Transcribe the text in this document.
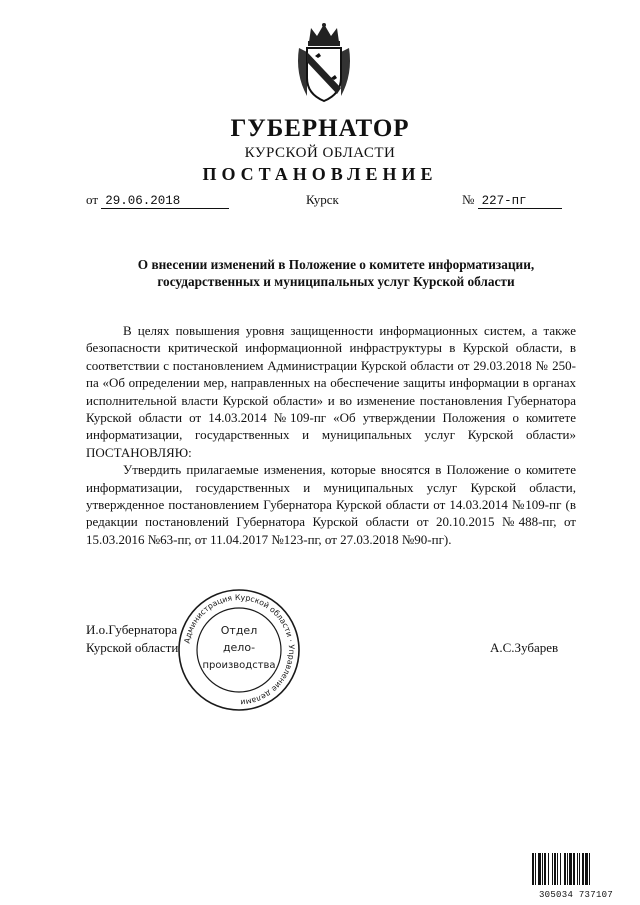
ГУБЕРНАТОР
КУРСКОЙ ОБЛАСТИ
ПОСТАНОВЛЕНИЕ
от 29.06.2018	Курск	№ 227-пг
О внесении изменений в Положение о комитете информатизации,
государственных и муниципальных услуг Курской области

В целях повышения уровня защищенности информационных систем, а также безопасности критической информационной инфраструктуры в Курской области, в соответствии с постановлением Администрации Курской области от 29.03.2018 № 250-па «Об определении мер, направленных на обеспечение защиты информации в органах исполнительной власти Курской области» и во изменение постановления Губернатора Курской области от 14.03.2014 №109-пг «Об утверждении Положения о комитете информатизации, государственных и муниципальных услуг Курской области» ПОСТАНОВЛЯЮ:

Утвердить прилагаемые изменения, которые вносятся в Положение о комитете информатизации, государственных и муниципальных услуг Курской области, утвержденное постановлением Губернатора Курской области от 14.03.2014 №109-пг (в редакции постановлений Губернатора Курской области от 20.10.2015 №488-пг, от 15.03.2016 №63-пг, от 11.04.2017 №123-пг, от 27.03.2018 №90-пг).

И.о.Губернатора
Курской области	А.С.Зубарев
Администрация Курской области · Управление делами
Отдел
дело-
производства
305034 737107
